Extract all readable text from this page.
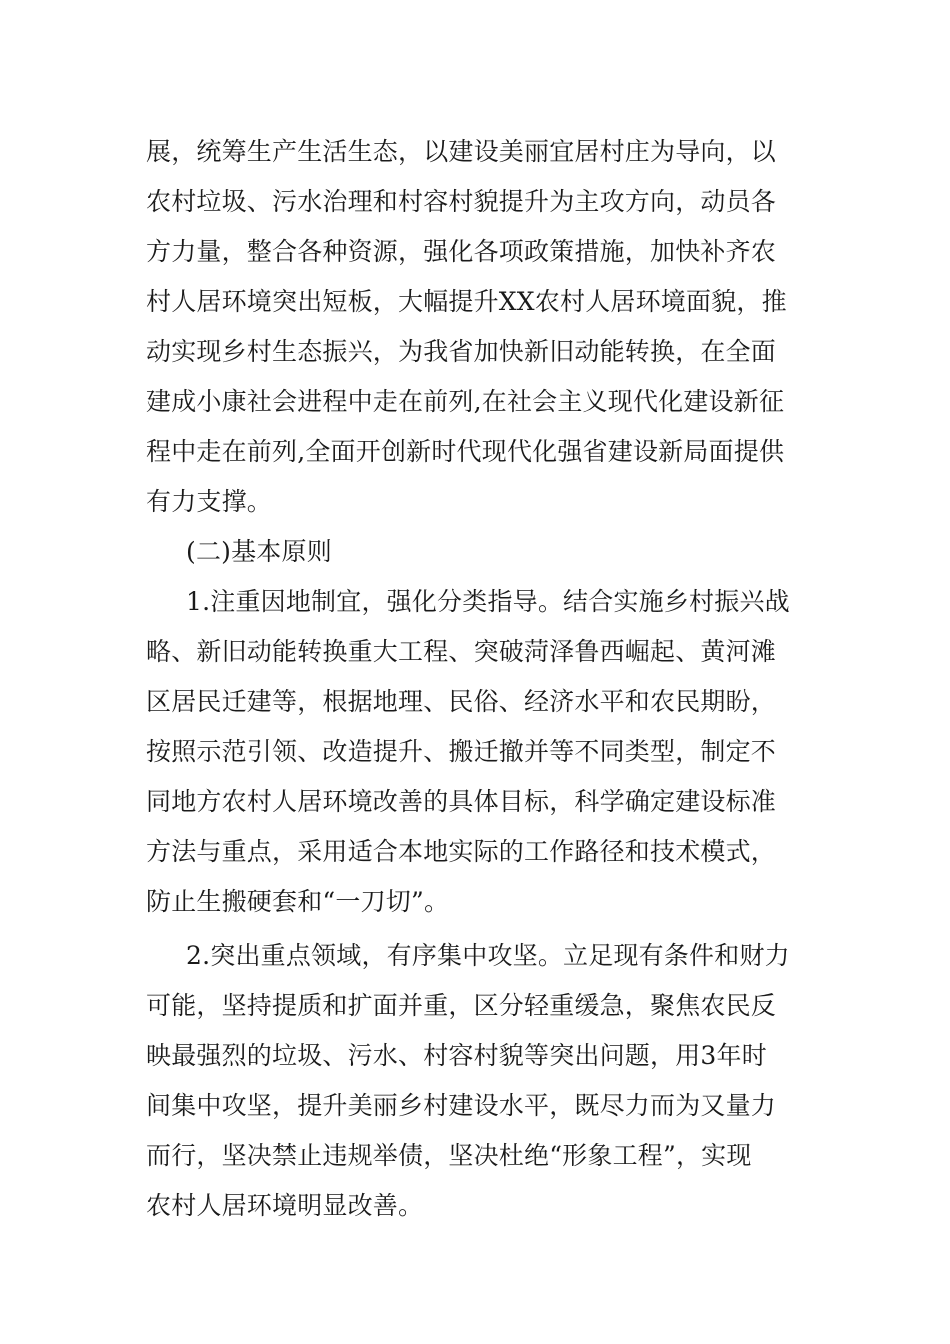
展，统筹生产生活生态，以建设美丽宜居村庄为导向，以
农村垃圾、污水治理和村容村貌提升为主攻方向，动员各
方力量，整合各种资源，强化各项政策措施，加快补齐农
村人居环境突出短板，大幅提升XX农村人居环境面貌，推
动实现乡村生态振兴，为我省加快新旧动能转换，在全面
建成小康社会进程中走在前列,在社会主义现代化建设新征
程中走在前列,全面开创新时代现代化强省建设新局面提供
有力支撑。
(二)基本原则
1.注重因地制宜，强化分类指导。结合实施乡村振兴战
略、新旧动能转换重大工程、突破菏泽鲁西崛起、黄河滩
区居民迁建等，根据地理、民俗、经济水平和农民期盼，
按照示范引领、改造提升、搬迁撤并等不同类型，制定不
同地方农村人居环境改善的具体目标，科学确定建设标准
方法与重点，采用适合本地实际的工作路径和技术模式，
防止生搬硬套和“一刀切”。
2.突出重点领域，有序集中攻坚。立足现有条件和财力
可能，坚持提质和扩面并重，区分轻重缓急，聚焦农民反
映最强烈的垃圾、污水、村容村貌等突出问题，用3年时
间集中攻坚，提升美丽乡村建设水平，既尽力而为又量力
而行，坚决禁止违规举债，坚决杜绝“形象工程”，实现
农村人居环境明显改善。
